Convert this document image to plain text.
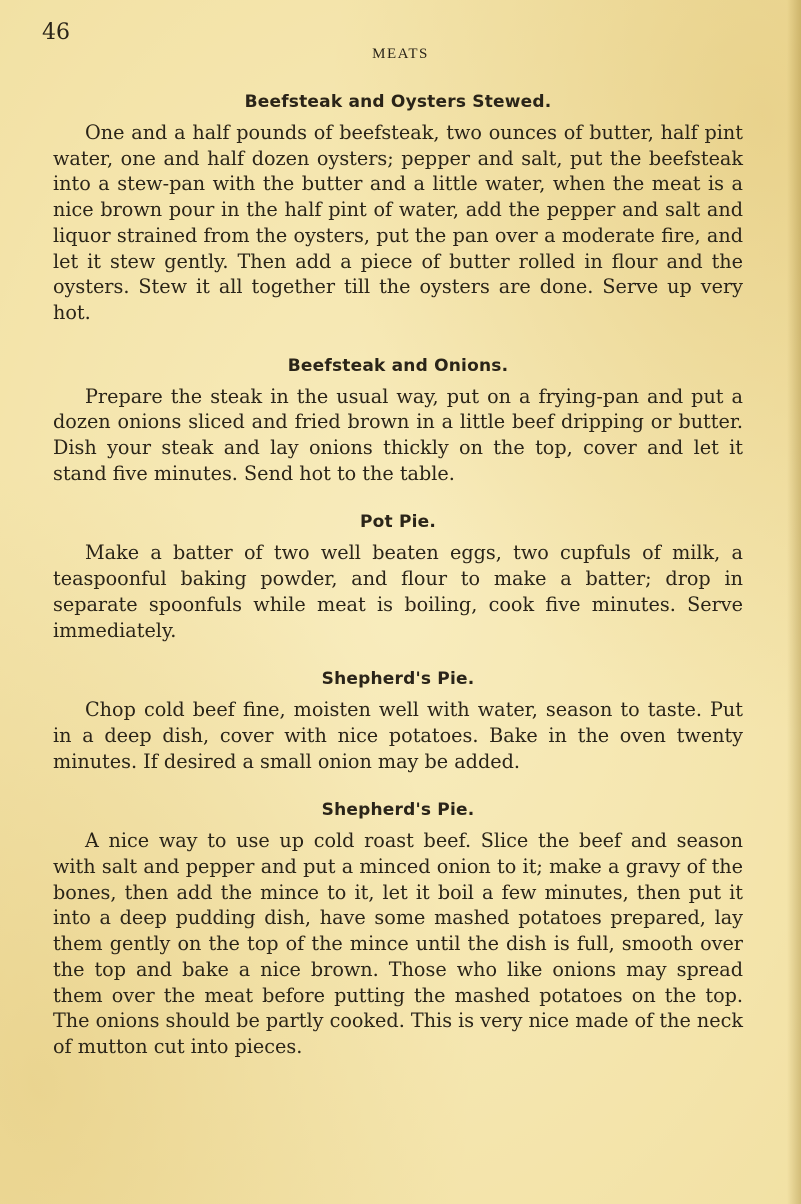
46
MEATS
Beefsteak and Oysters Stewed.

One and a half pounds of beefsteak, two ounces of butter, half pint water, one and half dozen oysters; pepper and salt, put the beefsteak into a stew-pan with the butter and a little water, when the meat is a nice brown pour in the half pint of water, add the pepper and salt and liquor strained from the oysters, put the pan over a moderate fire, and let it stew gently. Then add a piece of butter rolled in flour and the oysters. Stew it all together till the oysters are done. Serve up very hot.

Beefsteak and Onions.

Prepare the steak in the usual way, put on a frying-pan and put a dozen onions sliced and fried brown in a little beef dripping or butter. Dish your steak and lay onions thickly on the top, cover and let it stand five minutes. Send hot to the table.

Pot Pie.

Make a batter of two well beaten eggs, two cupfuls of milk, a teaspoonful baking powder, and flour to make a batter; drop in separate spoonfuls while meat is boiling, cook five minutes. Serve immediately.

Shepherd's Pie.

Chop cold beef fine, moisten well with water, season to taste. Put in a deep dish, cover with nice potatoes. Bake in the oven twenty minutes. If desired a small onion may be added.

Shepherd's Pie.

A nice way to use up cold roast beef. Slice the beef and season with salt and pepper and put a minced onion to it; make a gravy of the bones, then add the mince to it, let it boil a few minutes, then put it into a deep pudding dish, have some mashed potatoes prepared, lay them gently on the top of the mince until the dish is full, smooth over the top and bake a nice brown. Those who like onions may spread them over the meat before putting the mashed potatoes on the top. The onions should be partly cooked. This is very nice made of the neck of mutton cut into pieces.
